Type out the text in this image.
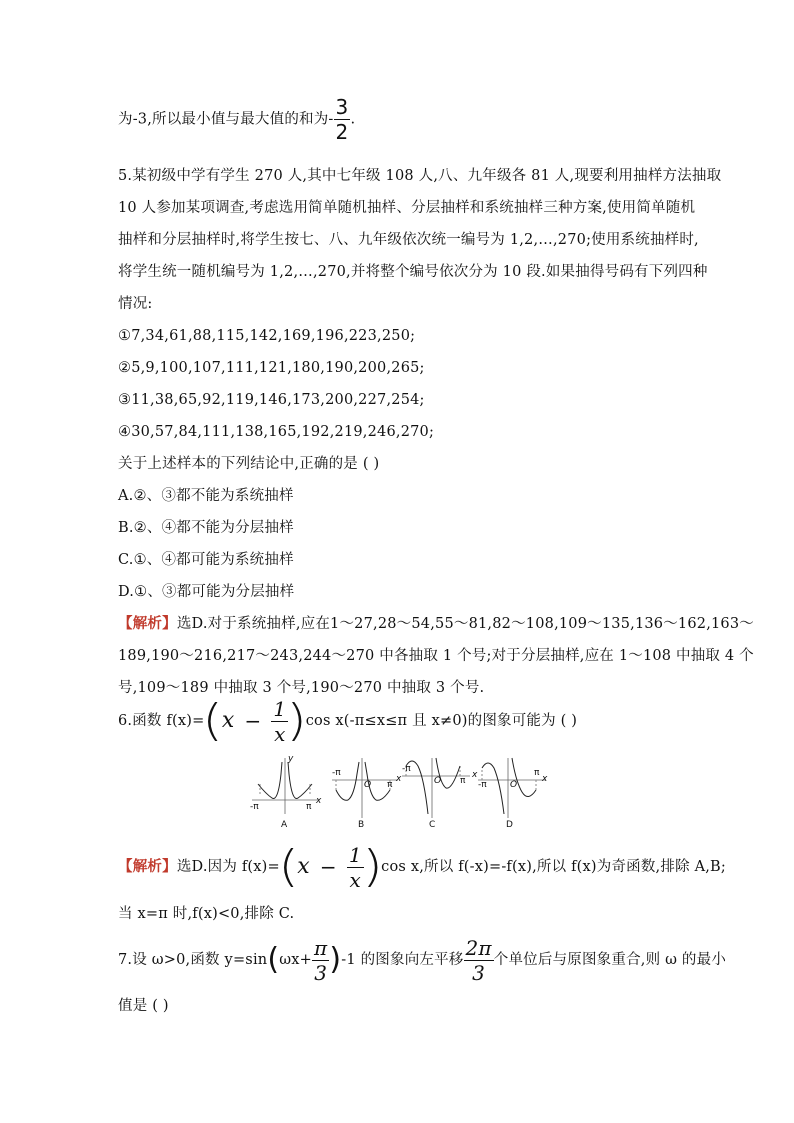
为-3,所以最小值与最大值的和为- $\frac{3}{2}$ .
5.某初级中学有学生 270 人,其中七年级 108 人,八、九年级各 81 人,现要利用抽样方法抽取
10 人参加某项调查,考虑选用简单随机抽样、分层抽样和系统抽样三种方案,使用简单随机
抽样和分层抽样时,将学生按七、八、九年级依次统一编号为 1,2,…,270;使用系统抽样时,
将学生统一随机编号为 1,2,…,270,并将整个编号依次分为 10 段.如果抽得号码有下列四种
情况:
①7,34,61,88,115,142,169,196,223,250;
②5,9,100,107,111,121,180,190,200,265;
③11,38,65,92,119,146,173,200,227,254;
④30,57,84,111,138,165,192,219,246,270;
关于上述样本的下列结论中,正确的是 ( )
A.②、③都不能为系统抽样
B.②、④都不能为分层抽样
C.①、④都可能为系统抽样
D.①、③都可能为分层抽样
【解析】选D.对于系统抽样,应在1～27,28～54,55～81,82～108,109～135,136～162,163～
189,190～216,217～243,244～270 中各抽取 1 个号;对于分层抽样,应在 1～108 中抽取 4 个
号,109～189 中抽取 3 个号,190～270 中抽取 3 个号.
6.函数 $f(x)=(x - \frac{1}{x}$
)cos x(-π≤x≤π 且 x≠0)的图象可能为 ( )
A	B	C	D
y
-π	π
x
-π
O π
x
-π
O π
x
-π	O
π
x
【解析】选D.因为 $f(x)=(x - \frac{1}{x}$
)cos x,所以 f(-x)=-f(x),所以 f(x)为奇函数,排除 A,B;
当 x=π 时,f(x)<0,排除 C.
7.设 ω>0,函数 $y=\sin(\omega x+ \frac{\pi}{3} )-1$ 的图象向左平移 $\frac{2\pi}{3}$ 个单位后与原图象重合,则 ω 的最小
值是 ( )
